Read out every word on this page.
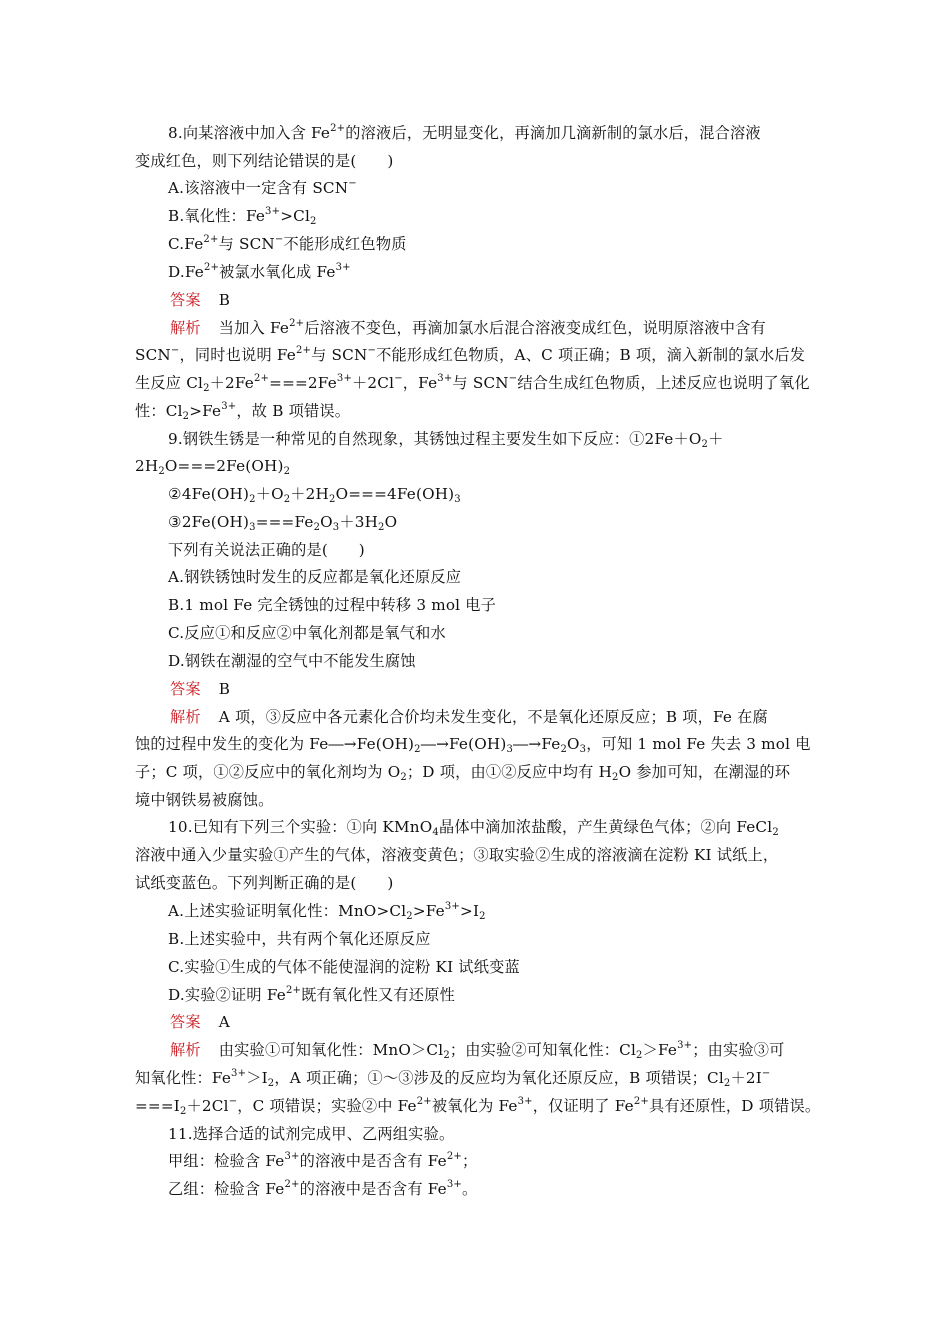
8.向某溶液中加入含 $Fe^{2+}$的溶液后，无明显变化，再滴加几滴新制的氯水后，混合溶液
变成红色，则下列结论错误的是(　　)
A.该溶液中一定含有 SCN−
B.氧化性：$Fe^{3+}>Cl_2$
$C.Fe^{2+}$与 SCN−不能形成红色物质
$D.Fe^{2+}$被氯水氧化成 $Fe^{3+}$
答案 B
解析 当加入 $Fe^{2+}$后溶液不变色，再滴加氯水后混合溶液变成红色，说明原溶液中含有
SCN−，同时也说明 $Fe^{2+}$与 SCN−不能形成红色物质，A、C 项正确；B 项，滴入新制的氯水后发
生反应 $Cl_2+2Fe^{2+}===2Fe^{3+}+2Cl^-$，$Fe^{3+}$与 SCN−结合生成红色物质，上述反应也说明了氧化
性：$Cl_2>Fe^{3+}$，故 B 项错误。
9.钢铁生锈是一种常见的自然现象，其锈蚀过程主要发生如下反应：$①2Fe+O_2+$
$2H_2O===2Fe(OH)_2$
$②4Fe(OH)_2+O_2+2H_2O===4Fe(OH)_3$
$③2Fe(OH)_3===Fe_2O_3+3H_2O$
下列有关说法正确的是(　　)
A.钢铁锈蚀时发生的反应都是氧化还原反应
B.1 mol Fe 完全锈蚀的过程中转移 3 mol 电子
C.反应①和反应②中氧化剂都是氧气和水
D.钢铁在潮湿的空气中不能发生腐蚀
答案 B
解析 A 项，③反应中各元素化合价均未发生变化，不是氧化还原反应；B 项，Fe 在腐
蚀的过程中发生的变化为 $Fe―\to Fe(OH)_2―\to Fe(OH)_3―\to Fe_2O_3$，可知 1 mol Fe 失去 3 mol 电
子；C 项，①②反应中的氧化剂均为 $O_2$；D 项，由①②反应中均有 $H_2O$ 参加可知，在潮湿的环
境中钢铁易被腐蚀。
10.已知有下列三个实验：①向 KMnO$_4$晶体中滴加浓盐酸，产生黄绿色气体；②向 FeCl$_2$
溶液中通入少量实验①产生的气体，溶液变黄色；③取实验②生成的溶液滴在淀粉 KI 试纸上，
试纸变蓝色。下列判断正确的是(　　)
A.上述实验证明氧化性：$MnO>Cl_2>Fe^{3+}>I_2$
B.上述实验中，共有两个氧化还原反应
C.实验①生成的气体不能使湿润的淀粉 KI 试纸变蓝
D.实验②证明 $Fe^{2+}$既有氧化性又有还原性
答案 A
解析 由实验①可知氧化性：$MnO>Cl_2$；由实验②可知氧化性：$Cl_2>Fe^{3+}$；由实验③可
知氧化性：$Fe^{3+}>I_2$，A 项正确；①～③涉及的反应均为氧化还原反应，B 项错误；$Cl_2+2I^-$
$===I_2+2Cl^-$，C 项错误；实验②中 $Fe^{2+}$被氧化为 $Fe^{3+}$，仅证明了 $Fe^{2+}$具有还原性，D 项错误。
11.选择合适的试剂完成甲、乙两组实验。
甲组：检验含 $Fe^{3+}$的溶液中是否含有 $Fe^{2+}$；
乙组：检验含 $Fe^{2+}$的溶液中是否含有 $Fe^{3+}$。
